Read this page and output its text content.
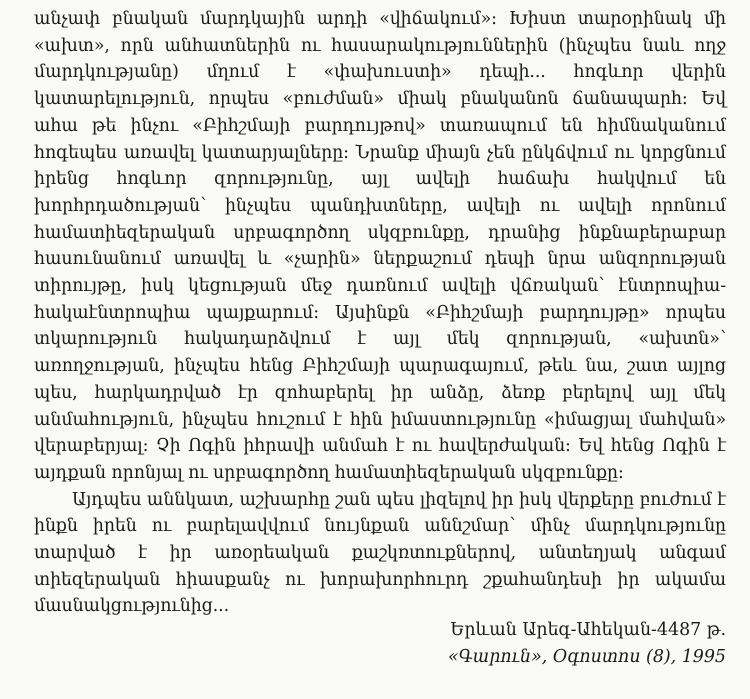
անչափ բնական մարդկային արդի «վիճակում»: Խիստ տարօրինակ մի «ախտ», որն անհատներին ու հասարակություններին (ինչպես նաև ողջ մարդկությանը) մղում է «փախուստի» դեպի... հոգևոր վերին կատարելություն, որպես «բուժման» միակ բնականոն ճանապարհ: Եվ ահա թե ինչու «Բիհշմայի բարդույթով» տառապում են հիմնականում հոգեպես առավել կատարյալները: Նրանք միայն չեն ընկճվում ու կորցնում իրենց հոգևոր զորությունը, այլ ավելի հաճախ հակվում են խորհրդածության՝ ինչպես պանդխտները, ավելի ու ավելի որոնում համատիեզերական սրբագործող սկզբունքը, դրանից ինքնաբերաբար հասունանում առավել և «չարին» ներքաշում դեպի նրա անզորության տիրույթը, իսկ կեցության մեջ դառնում ավելի վճռական՝ էնտրոպիա-հակաէնտրոպիա պայքարում: Այսինքն «Բիհշմայի բարդույթը» որպես տկարություն հակադարձվում է այլ մեկ զորության, «ախտն»՝ առողջության, ինչպես հենց Բիհշմայի պարագայում, թեև նա, շատ այլոց պես, հարկադրված էր զոհաբերել իր անձը, ձեռք բերելով այլ մեկ անմահություն, ինչպես հուշում է հին իմաստությունը «իմացյալ մահվան» վերաբերյալ: Չի Ոգին իհրավի անմահ է ու հավերժական: Եվ հենց Ոգին է այդքան որոնյալ ու սրբագործող համատիեզերական սկզբունքը:

Այդպես աննկատ, աշխարհը շան պես լիզելով իր իսկ վերքերը բուժում է ինքն իրեն ու բարելավվում նույնքան աննշմար՝ մինչ մարդկությունը տարված է իր առօրեական քաշկռտուքներով, անտեղյակ անգամ տիեզերական հիասքանչ ու խորախորհուրդ շքահանդեսի իր ակամա մասնակցությունից...

Երևան Արեգ-Ահեկան-4487 թ.
«Գարուն», Օգոստոս (8), 1995
